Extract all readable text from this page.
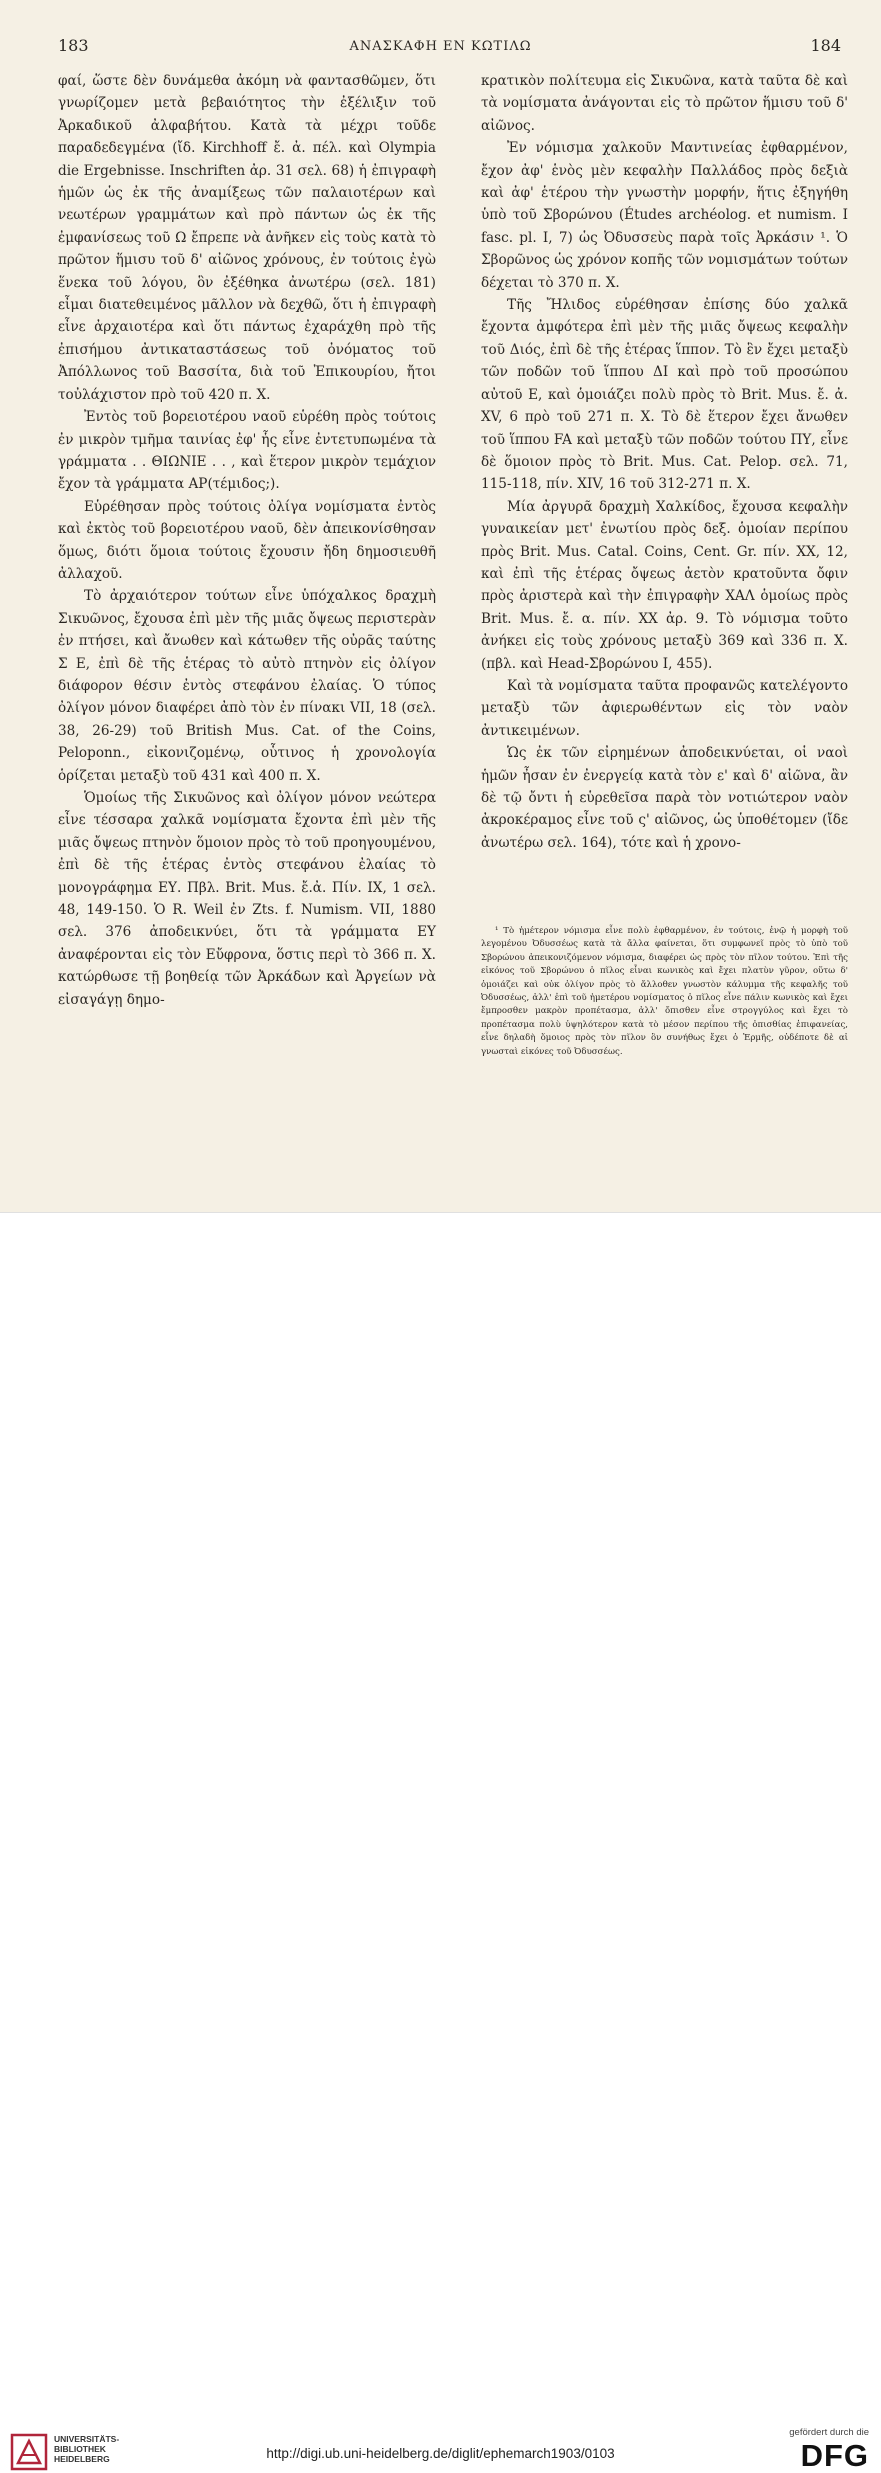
183	ΑΝΑΣΚΑΦΗ ΕΝ ΚΩΤΙΛΩ	184

φαί, ὥστε δὲν δυνάμεθα ἀκόμη νὰ φαντασθῶμεν, ὅτι γνωρίζομεν μετὰ βεβαιότητος τὴν ἐξέλιξιν τοῦ Ἀρκαδικοῦ ἀλφαβήτου. Κατὰ τὰ μέχρι τοῦδε παραδεδεγμένα (ἴδ. Kirchhoff ἔ. ἀ. πέλ. καὶ Olympia die Ergebnisse. Inschriften ἀρ. 31 σελ. 68) ἡ ἐπιγραφὴ ἡμῶν ὡς ἐκ τῆς ἀναμίξεως τῶν παλαιοτέρων καὶ νεωτέρων γραμμάτων καὶ πρὸ πάντων ὡς ἐκ τῆς ἐμφανίσεως τοῦ Ω ἔπρεπε νὰ ἀνῆκεν εἰς τοὺς κατὰ τὸ πρῶτον ἥμισυ τοῦ δ' αἰῶνος χρόνους, ἐν τούτοις ἐγὼ ἕνεκα τοῦ λόγου, ὃν ἐξέθηκα ἀνωτέρω (σελ. 181) εἶμαι διατεθειμένος μᾶλλον νὰ δεχθῶ, ὅτι ἡ ἐπιγραφὴ εἶνε ἀρχαιοτέρα καὶ ὅτι πάντως ἐχαράχθη πρὸ τῆς ἐπισήμου ἀντικαταστάσεως τοῦ ὀνόματος τοῦ Ἀπόλλωνος τοῦ Βασσίτα, διὰ τοῦ Ἐπικουρίου, ἤτοι τοὐλάχιστον πρὸ τοῦ 420 π. Χ.

Ἐντὸς τοῦ βορειοτέρου ναοῦ εὑρέθη πρὸς τούτοις ἐν μικρὸν τμῆμα ταινίας ἐφ' ἧς εἶνε ἐντετυπωμένα τὰ γράμματα . . ΘΙΩΝΙΕ . . , καὶ ἕτερον μικρὸν τεμάχιον ἔχον τὰ γράμματα ΑΡ(τέμιδος;).

Εὑρέθησαν πρὸς τούτοις ὀλίγα νομίσματα ἐντὸς καὶ ἐκτὸς τοῦ βορειοτέρου ναοῦ, δὲν ἀπεικονίσθησαν ὅμως, διότι ὅμοια τούτοις ἔχουσιν ἤδη δημοσιευθῆ ἀλλαχοῦ.

Τὸ ἀρχαιότερον τούτων εἶνε ὑπόχαλκος δραχμὴ Σικυῶνος, ἔχουσα ἐπὶ μὲν τῆς μιᾶς ὄψεως περιστερὰν ἐν πτήσει, καὶ ἄνωθεν καὶ κάτωθεν τῆς οὐρᾶς ταύτης Σ Ε, ἐπὶ δὲ τῆς ἑτέρας τὸ αὐτὸ πτηνὸν εἰς ὀλίγον διάφορον θέσιν ἐντὸς στεφάνου ἐλαίας. Ὁ τύπος ὀλίγον μόνον διαφέρει ἀπὸ τὸν ἐν πίνακι VII, 18 (σελ. 38, 26-29) τοῦ British Mus. Cat. of the Coins, Peloponn., εἰκονιζομένῳ, οὗτινος ἡ χρονολογία ὁρίζεται μεταξὺ τοῦ 431 καὶ 400 π. Χ.

Ὁμοίως τῆς Σικυῶνος καὶ ὀλίγον μόνον νεώτερα εἶνε τέσσαρα χαλκᾶ νομίσματα ἔχοντα ἐπὶ μὲν τῆς μιᾶς ὄψεως πτηνὸν ὅμοιον πρὸς τὸ τοῦ προηγουμένου, ἐπὶ δὲ τῆς ἑτέρας ἐντὸς στεφάνου ἐλαίας τὸ μονογράφημα ΕΥ. Πβλ. Brit. Mus. ἔ.ἀ. Πίν. IX, 1 σελ. 48, 149-150. Ὁ R. Weil ἐν Zts. f. Numism. VII, 1880 σελ. 376 ἀποδεικνύει, ὅτι τὰ γράμματα ΕΥ ἀναφέρονται εἰς τὸν Εὔφρονα, ὅστις περὶ τὸ 366 π. Χ. κατώρθωσε τῇ βοηθείᾳ τῶν Ἀρκάδων καὶ Ἀργείων νὰ εἰσαγάγῃ δημο-

κρατικὸν πολίτευμα εἰς Σικυῶνα, κατὰ ταῦτα δὲ καὶ τὰ νομίσματα ἀνάγονται εἰς τὸ πρῶτον ἥμισυ τοῦ δ' αἰῶνος.

Ἐν νόμισμα χαλκοῦν Μαντινείας ἐφθαρμένον, ἔχον ἀφ' ἑνὸς μὲν κεφαλὴν Παλλάδος πρὸς δεξιὰ καὶ ἀφ' ἑτέρου τὴν γνωστὴν μορφήν, ἥτις ἐξηγήθη ὑπὸ τοῦ Σβορώνου (Études archéolog. et numism. I fasc. pl. I, 7) ὡς Ὀδυσσεὺς παρὰ τοῖς Ἀρκάσιν ¹. Ὁ Σβορῶνος ὡς χρόνον κοπῆς τῶν νομισμάτων τούτων δέχεται τὸ 370 π. Χ.

Τῆς Ἤλιδος εὑρέθησαν ἐπίσης δύο χαλκᾶ ἔχοντα ἀμφότερα ἐπὶ μὲν τῆς μιᾶς ὄψεως κεφαλὴν τοῦ Διός, ἐπὶ δὲ τῆς ἑτέρας ἵππον. Τὸ ἓν ἔχει μεταξὺ τῶν ποδῶν τοῦ ἵππου ΔΙ καὶ πρὸ τοῦ προσώπου αὐτοῦ Ε, καὶ ὁμοιάζει πολὺ πρὸς τὸ Brit. Mus. ἔ. ἀ. XV, 6 πρὸ τοῦ 271 π. Χ. Τὸ δὲ ἕτερον ἔχει ἄνωθεν τοῦ ἵππου FA καὶ μεταξὺ τῶν ποδῶν τούτου ΠΥ, εἶνε δὲ ὅμοιον πρὸς τὸ Brit. Mus. Cat. Pelop. σελ. 71, 115-118, πίν. XIV, 16 τοῦ 312-271 π. Χ.

Μία ἀργυρᾶ δραχμὴ Χαλκίδος, ἔχουσα κεφαλὴν γυναικείαν μετ' ἐνωτίου πρὸς δεξ. ὁμοίαν περίπου πρὸς Brit. Mus. Catal. Coins, Cent. Gr. πίν. XX, 12, καὶ ἐπὶ τῆς ἑτέρας ὄψεως ἀετὸν κρατοῦντα ὄφιν πρὸς ἀριστερὰ καὶ τὴν ἐπιγραφὴν ΧΑΛ ὁμοίως πρὸς Brit. Mus. ἔ. α. πίν. XX ἀρ. 9. Τὸ νόμισμα τοῦτο ἀνήκει εἰς τοὺς χρόνους μεταξὺ 369 καὶ 336 π. Χ. (πβλ. καὶ Head-Σβορώνου I, 455).

Καὶ τὰ νομίσματα ταῦτα προφανῶς κατελέγοντο μεταξὺ τῶν ἀφιερωθέντων εἰς τὸν ναὸν ἀντικειμένων.

Ὡς ἐκ τῶν εἰρημένων ἀποδεικνύεται, οἱ ναοὶ ἡμῶν ἦσαν ἐν ἐνεργείᾳ κατὰ τὸν ε' καὶ δ' αἰῶνα, ἂν δὲ τῷ ὄντι ἡ εὑρεθεῖσα παρὰ τὸν νοτιώτερον ναὸν ἀκροκέραμος εἶνε τοῦ ς' αἰῶνος, ὡς ὑποθέτομεν (ἴδε ἀνωτέρω σελ. 164), τότε καὶ ἡ χρονο-

¹ Τὸ ἡμέτερον νόμισμα εἶνε πολὺ ἐφθαρμένον, ἐν τούτοις, ἐνῷ ἡ μορφὴ τοῦ λεγομένου Ὀδυσσέως κατὰ τὰ ἄλλα φαίνεται, ὅτι συμφωνεῖ πρὸς τὸ ὑπὸ τοῦ Σβορώνου ἀπεικονιζόμενον νόμισμα, διαφέρει ὡς πρὸς τὸν πῖλον τούτου. Ἐπὶ τῆς εἰκόνος τοῦ Σβορώνου ὁ πῖλος εἶναι κωνικὸς καὶ ἔχει πλατὺν γῦρον, οὕτω δ' ὁμοιάζει καὶ οὐκ ὀλίγον πρὸς τὸ ἄλλοθεν γνωστὸν κάλυμμα τῆς κεφαλῆς τοῦ Ὀδυσσέως, ἀλλ' ἐπὶ τοῦ ἡμετέρου νομίσματος ὁ πῖλος εἶνε πάλιν κωνικὸς καὶ ἔχει ἔμπροσθεν μακρὸν προπέτασμα, ἀλλ' ὄπισθεν εἶνε στρογγύλος καὶ ἔχει τὸ προπέτασμα πολὺ ὑψηλότερον κατὰ τὸ μέσον περίπου τῆς ὀπισθίας ἐπιφανείας, εἶνε δηλαδὴ ὅμοιος πρὸς τὸν πῖλον ὃν συνήθως ἔχει ὁ Ἑρμῆς, οὐδέποτε δὲ αἱ γνωσταὶ εἰκόνες τοῦ Ὀδυσσέως.

UNIVERSITÄTS-
BIBLIOTHEK
HEIDELBERG	http://digi.ub.uni-heidelberg.de/diglit/ephemarch1903/0103
gefördert durch die
DFG
